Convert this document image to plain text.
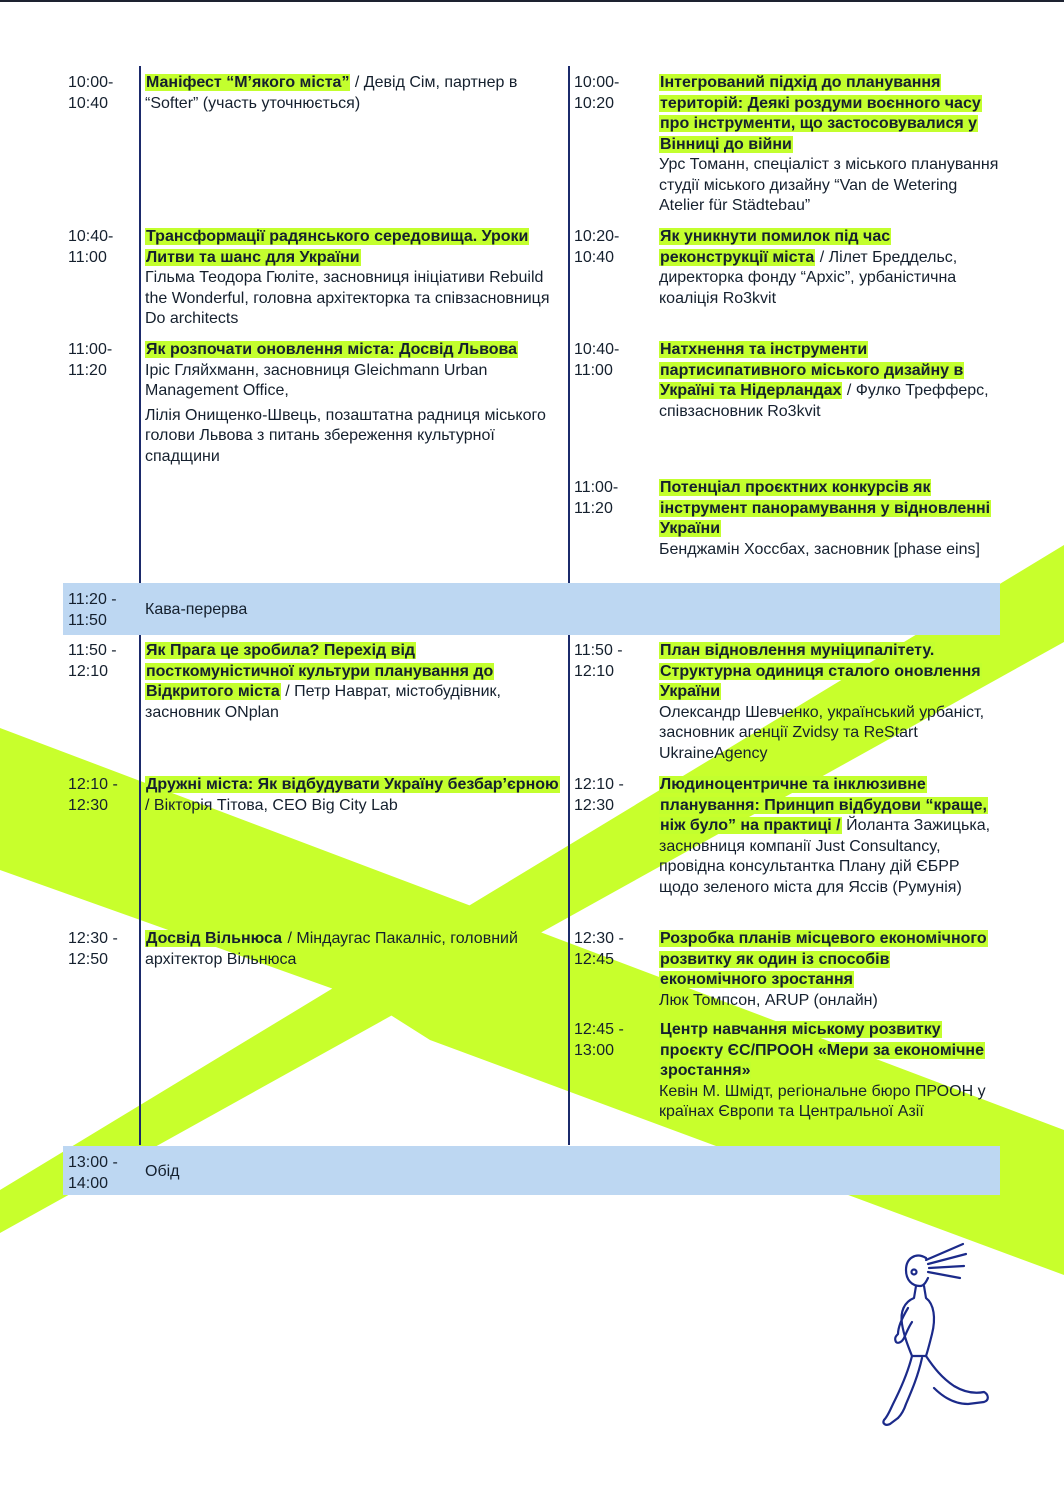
11:20 -
11:50
Кава-перерва
13:00 -
14:00
Обід
10:00-
10:40
Маніфест “М’якого міста” / Девід Сім, партнер в “Softer” (участь уточнюється)
10:40-
11:00
Трансформації радянського середовища. Уроки Литви та шанс для України
Гільма Теодора Гюліте, засновниця ініціативи Rebuild the Wonderful, головна архітекторка та співзасновниця Do architects
11:00-
11:20
Як розпочати оновлення міста: Досвід Львова
Іріс Гляйхманн, засновниця Gleichmann Urban Management Office,
Лілія Онищенко-Швець, позаштатна радниця міського голови Львова з питань збереження культурної спадщини
11:50 -
12:10
Як Прага це зробила? Перехід від посткомуністичної культури планування до Відкритого міста / Петр Наврат, містобудівник, засновник ONplan
12:10 -
12:30
Дружні міста: Як відбудувати Україну безбар’єрною / Вікторія Тітова, CEO Big City Lab
12:30 -
12:50
Досвід Вільнюса / Міндаугас Пакалніс, головний архітектор Вільнюса
10:00-
10:20
Інтегрований підхід до планування територій: Деякі роздуми воєнного часу про інструменти, що застосовувалися у Вінниці до війни
Урс Томанн, спеціаліст з міського планування студії міського дизайну “Van de Wetering Atelier für Städtebau”
10:20-
10:40
Як уникнути помилок під час реконструкції міста / Лілет Бреддельс, директорка фонду “Архіс”, урбаністична коаліція Ro3kvit
10:40-
11:00
Натхнення та інструменти партисипативного міського дизайну в Україні та Нідерландах / Фулко Трефферс, співзасновник Ro3kvit
11:00-
11:20
Потенціал проєктних конкурсів як інструмент панорамування у відновленні України
Бенджамін Хоссбах, засновник [phase eins]
11:50 -
12:10
План відновлення муніципалітету. Структурна одиниця сталого оновлення України
Олександр Шевченко, український урбаніст, засновник агенції Zvidsy та ReStart UkraineAgency
12:10 -
12:30
Людиноцентричне та інклюзивне планування: Принцип відбудови “краще, ніж було” на практиці / Йоланта Зажицька, засновниця компанії Just Consultancy, провідна консультантка Плану дій ЄБРР щодо зеленого міста для Яссів (Румунія)
12:30 -
12:45
Розробка планів місцевого економічного розвитку як один із способів економічного зростання
Люк Томпсон, ARUP (онлайн)
12:45 -
13:00
Центр навчання міському розвитку проєкту ЄС/ПРООН «Мери за економічне зростання»
Кевін М. Шмідт, регіональне бюро ПРООН у країнах Європи та Центральної Азії
